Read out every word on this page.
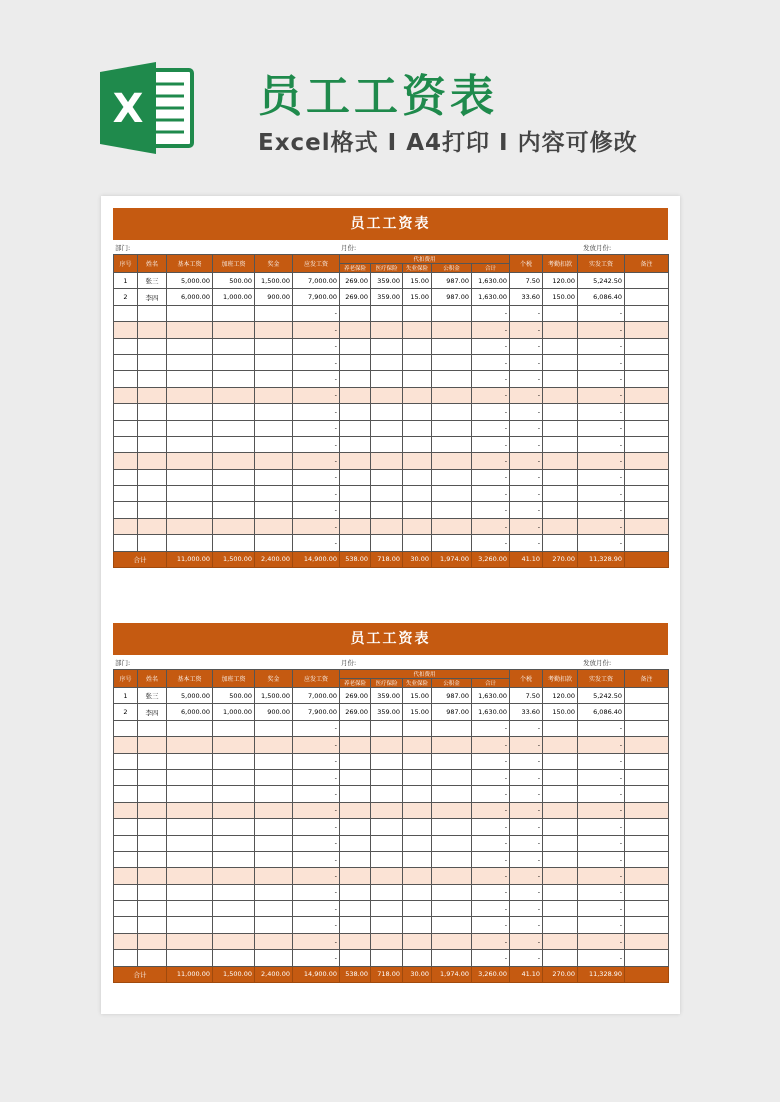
X	员工工资表
Excel格式 I A4打印 I 内容可修改
员工工资表
部门:	月份:	发放月份:
序号	姓名	基本工资	加班工资	奖金	应发工资	代扣费用					个税	考勤扣款	实发工资	备注
						养老保险	医疗保险	失业保险	公积金	合计				
1	张三	5,000.00	500.00	1,500.00	7,000.00	269.00	359.00	15.00	987.00	1,630.00	7.50	120.00	5,242.50	
2	李四	6,000.00	1,000.00	900.00	7,900.00	269.00	359.00	15.00	987.00	1,630.00	33.60	150.00	6,086.40	
					-					-	-		-	
					-					-	-		-	
					-					-	-		-	
					-					-	-		-	
					-					-	-		-	
					-					-	-		-	
					-					-	-		-	
					-					-	-		-	
					-					-	-		-	
					-					-	-		-	
					-					-	-		-	
					-					-	-		-	
					-					-	-		-	
					-					-	-		-	
					-					-	-		-	
合计		11,000.00	1,500.00	2,400.00	14,900.00	538.00	718.00	30.00	1,974.00	3,260.00	41.10	270.00	11,328.90	
员工工资表
部门:	月份:	发放月份:
序号	姓名	基本工资	加班工资	奖金	应发工资	代扣费用					个税	考勤扣款	实发工资	备注
						养老保险	医疗保险	失业保险	公积金	合计				
1	张三	5,000.00	500.00	1,500.00	7,000.00	269.00	359.00	15.00	987.00	1,630.00	7.50	120.00	5,242.50	
2	李四	6,000.00	1,000.00	900.00	7,900.00	269.00	359.00	15.00	987.00	1,630.00	33.60	150.00	6,086.40	
					-					-	-		-	
					-					-	-		-	
					-					-	-		-	
					-					-	-		-	
					-					-	-		-	
					-					-	-		-	
					-					-	-		-	
					-					-	-		-	
					-					-	-		-	
					-					-	-		-	
					-					-	-		-	
					-					-	-		-	
					-					-	-		-	
					-					-	-		-	
					-					-	-		-	
合计		11,000.00	1,500.00	2,400.00	14,900.00	538.00	718.00	30.00	1,974.00	3,260.00	41.10	270.00	11,328.90	
